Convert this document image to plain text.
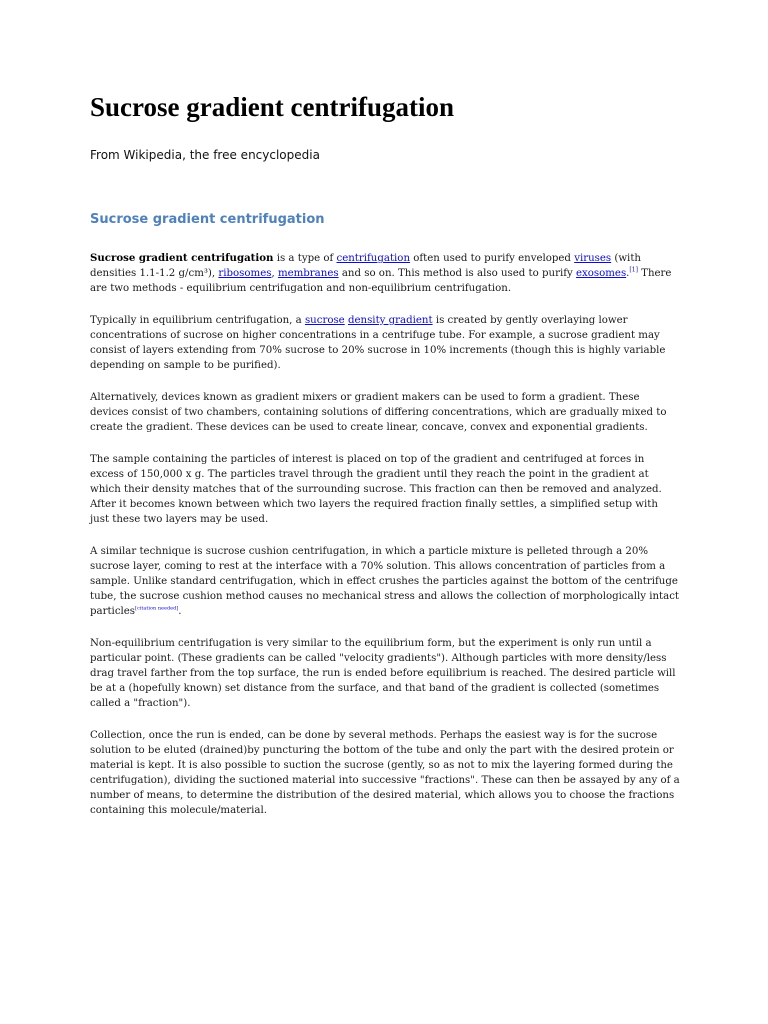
Sucrose gradient centrifugation
From Wikipedia, the free encyclopedia
Sucrose gradient centrifugation

Sucrose gradient centrifugation is a type of centrifugation often used to purify enveloped viruses (with densities 1.1-1.2 g/cm³), ribosomes, membranes and so on. This method is also used to purify exosomes.[1] There are two methods - equilibrium centrifugation and non-equilibrium centrifugation.

Typically in equilibrium centrifugation, a sucrose density gradient is created by gently overlaying lower concentrations of sucrose on higher concentrations in a centrifuge tube. For example, a sucrose gradient may consist of layers extending from 70% sucrose to 20% sucrose in 10% increments (though this is highly variable depending on sample to be purified).

Alternatively, devices known as gradient mixers or gradient makers can be used to form a gradient. These devices consist of two chambers, containing solutions of differing concentrations, which are gradually mixed to create the gradient. These devices can be used to create linear, concave, convex and exponential gradients.

The sample containing the particles of interest is placed on top of the gradient and centrifuged at forces in excess of 150,000 x g. The particles travel through the gradient until they reach the point in the gradient at which their density matches that of the surrounding sucrose. This fraction can then be removed and analyzed. After it becomes known between which two layers the required fraction finally settles, a simplified setup with just these two layers may be used.

A similar technique is sucrose cushion centrifugation, in which a particle mixture is pelleted through a 20% sucrose layer, coming to rest at the interface with a 70% solution. This allows concentration of particles from a sample. Unlike standard centrifugation, which in effect crushes the particles against the bottom of the centrifuge tube, the sucrose cushion method causes no mechanical stress and allows the collection of morphologically intact particles[citation needed].

Non-equilibrium centrifugation is very similar to the equilibrium form, but the experiment is only run until a particular point. (These gradients can be called "velocity gradients"). Although particles with more density/less drag travel farther from the top surface, the run is ended before equilibrium is reached. The desired particle will be at a (hopefully known) set distance from the surface, and that band of the gradient is collected (sometimes called a "fraction").

Collection, once the run is ended, can be done by several methods. Perhaps the easiest way is for the sucrose solution to be eluted (drained)by puncturing the bottom of the tube and only the part with the desired protein or material is kept. It is also possible to suction the sucrose (gently, so as not to mix the layering formed during the centrifugation), dividing the suctioned material into successive "fractions". These can then be assayed by any of a number of means, to determine the distribution of the desired material, which allows you to choose the fractions containing this molecule/material.
